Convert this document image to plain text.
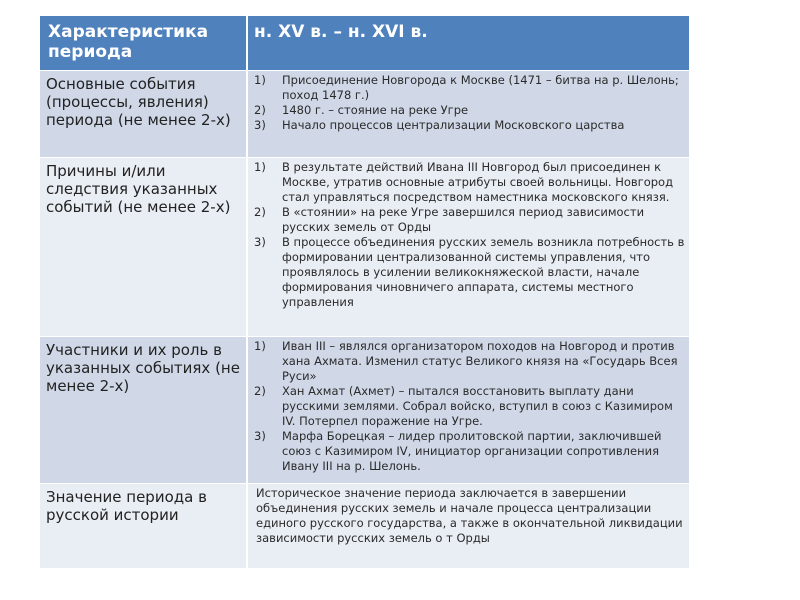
Характеристика периода
н. XV в. – н. XVI в.
Основные события (процессы, явления) периода (не менее 2-х)
1) Присоединение Новгорода к Москве (1471 – битва на р. Шелонь; поход 1478 г.)
2) 1480 г. – стояние на реке Угре
3) Начало процессов централизации Московского царства
Причины и/или следствия указанных событий (не менее 2-х)
1) В результате действий Ивана III Новгород был присоединен к Москве, утратив основные атрибуты своей вольницы. Новгород стал управляться посредством наместника московского князя.
2) В «стоянии» на реке Угре завершился период зависимости русских земель от Орды
3) В процессе объединения русских земель возникла потребность в формировании централизованной системы управления, что проявлялось в усилении великокняжеской власти, начале формирования чиновничего аппарата, системы местного управления
Участники и их роль в указанных событиях (не менее 2-х)
1) Иван III – являлся организатором походов на Новгород и против хана Ахмата. Изменил статус Великого князя на «Государь Всея Руси»
2) Хан Ахмат (Ахмет) – пытался восстановить выплату дани русскими землями. Собрал войско, вступил в союз с Казимиром IV. Потерпел поражение на Угре.
3) Марфа Борецкая – лидер пролитовской партии, заключившей союз с Казимиром IV, инициатор организации сопротивления Ивану III на р. Шелонь.
Значение периода в русской истории
Историческое значение периода заключается в завершении объединения русских земель и начале процесса централизации единого русского государства, а также в окончательной ликвидации зависимости русских земель о т Орды
